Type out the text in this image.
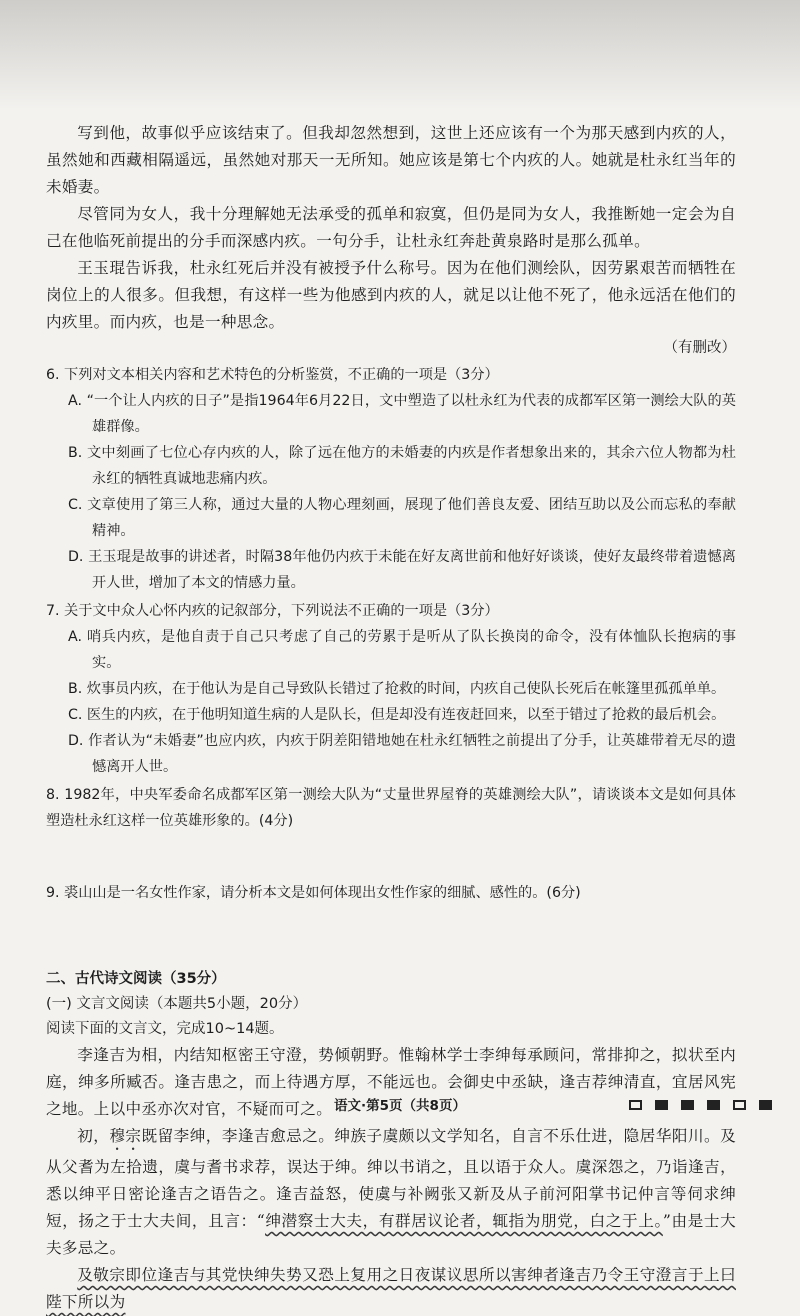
写到他，故事似乎应该结束了。但我却忽然想到，这世上还应该有一个为那天感到内疚的人，虽然她和西藏相隔遥远，虽然她对那天一无所知。她应该是第七个内疚的人。她就是杜永红当年的未婚妻。
尽管同为女人，我十分理解她无法承受的孤单和寂寞，但仍是同为女人，我推断她一定会为自己在他临死前提出的分手而深感内疚。一句分手，让杜永红奔赴黄泉路时是那么孤单。
王玉琨告诉我，杜永红死后并没有被授予什么称号。因为在他们测绘队，因劳累艰苦而牺牲在岗位上的人很多。但我想，有这样一些为他感到内疚的人，就足以让他不死了，他永远活在他们的内疚里。而内疚，也是一种思念。
（有删改）
6. 下列对文本相关内容和艺术特色的分析鉴赏，不正确的一项是（3分）
A. “一个让人内疚的日子”是指1964年6月22日，文中塑造了以杜永红为代表的成都军区第一测绘大队的英雄群像。
B. 文中刻画了七位心存内疚的人，除了远在他方的未婚妻的内疚是作者想象出来的，其余六位人物都为杜永红的牺牲真诚地悲痛内疚。
C. 文章使用了第三人称，通过大量的人物心理刻画，展现了他们善良友爱、团结互助以及公而忘私的奉献精神。
D. 王玉琨是故事的讲述者，时隔38年他仍内疚于未能在好友离世前和他好好谈谈，使好友最终带着遗憾离开人世，增加了本文的情感力量。
7. 关于文中众人心怀内疚的记叙部分，下列说法不正确的一项是（3分）
A. 哨兵内疚，是他自责于自己只考虑了自己的劳累于是听从了队长换岗的命令，没有体恤队长抱病的事实。
B. 炊事员内疚，在于他认为是自己导致队长错过了抢救的时间，内疚自己使队长死后在帐篷里孤孤单单。
C. 医生的内疚，在于他明知道生病的人是队长，但是却没有连夜赶回来，以至于错过了抢救的最后机会。
D. 作者认为“未婚妻”也应内疚，内疚于阴差阳错地她在杜永红牺牲之前提出了分手，让英雄带着无尽的遗憾离开人世。
8. 1982年，中央军委命名成都军区第一测绘大队为“丈量世界屋脊的英雄测绘大队”，请谈谈本文是如何具体塑造杜永红这样一位英雄形象的。(4分)
9. 裘山山是一名女性作家，请分析本文是如何体现出女性作家的细腻、感性的。(6分)
二、古代诗文阅读（35分）
(一) 文言文阅读（本题共5小题，20分）
阅读下面的文言文，完成10~14题。
李逢吉为相，内结知枢密王守澄，势倾朝野。惟翰林学士李绅每承顾问，常排抑之，拟状至内庭，绅多所臧否。逢吉患之，而上待遇方厚，不能远也。会御史中丞缺，逢吉荐绅清直，宜居风宪之地。上以中丞亦次对官，不疑而可之。
初，穆宗既留李绅，李逢吉愈忌之。绅族子虞颇以文学知名，自言不乐仕进，隐居华阳川。及从父耆为左拾遗，虞与耆书求荐，误达于绅。绅以书诮之，且以语于众人。虞深怨之，乃诣逢吉，悉以绅平日密论逢吉之语告之。逢吉益怒，使虞与补阙张又新及从子前河阳掌书记仲言等伺求绅短，扬之于士大夫间，且言：“绅潜察士大夫，有群居议论者，辄指为朋党，白之于上。”由是士大夫多忌之。
及敬宗即位逢吉与其党快绅失势又恐上复用之日夜谋议思所以害绅者逢吉乃令王守澄言于上曰陛下所以为
语文·第5页（共8页）
